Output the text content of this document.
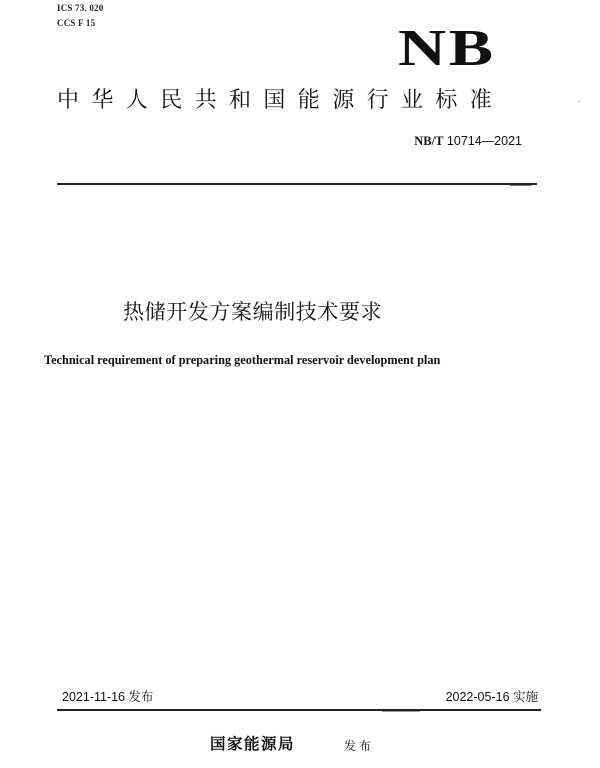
ICS 73. 020
CCS F 15	NB
中华人民共和国能源行业标准
NB/T 10714—2021
热储开发方案编制技术要求
Technical requirement of preparing geothermal reservoir development plan
2021-11-16 发布	2022-05-16 实施
国家能源局	发布
